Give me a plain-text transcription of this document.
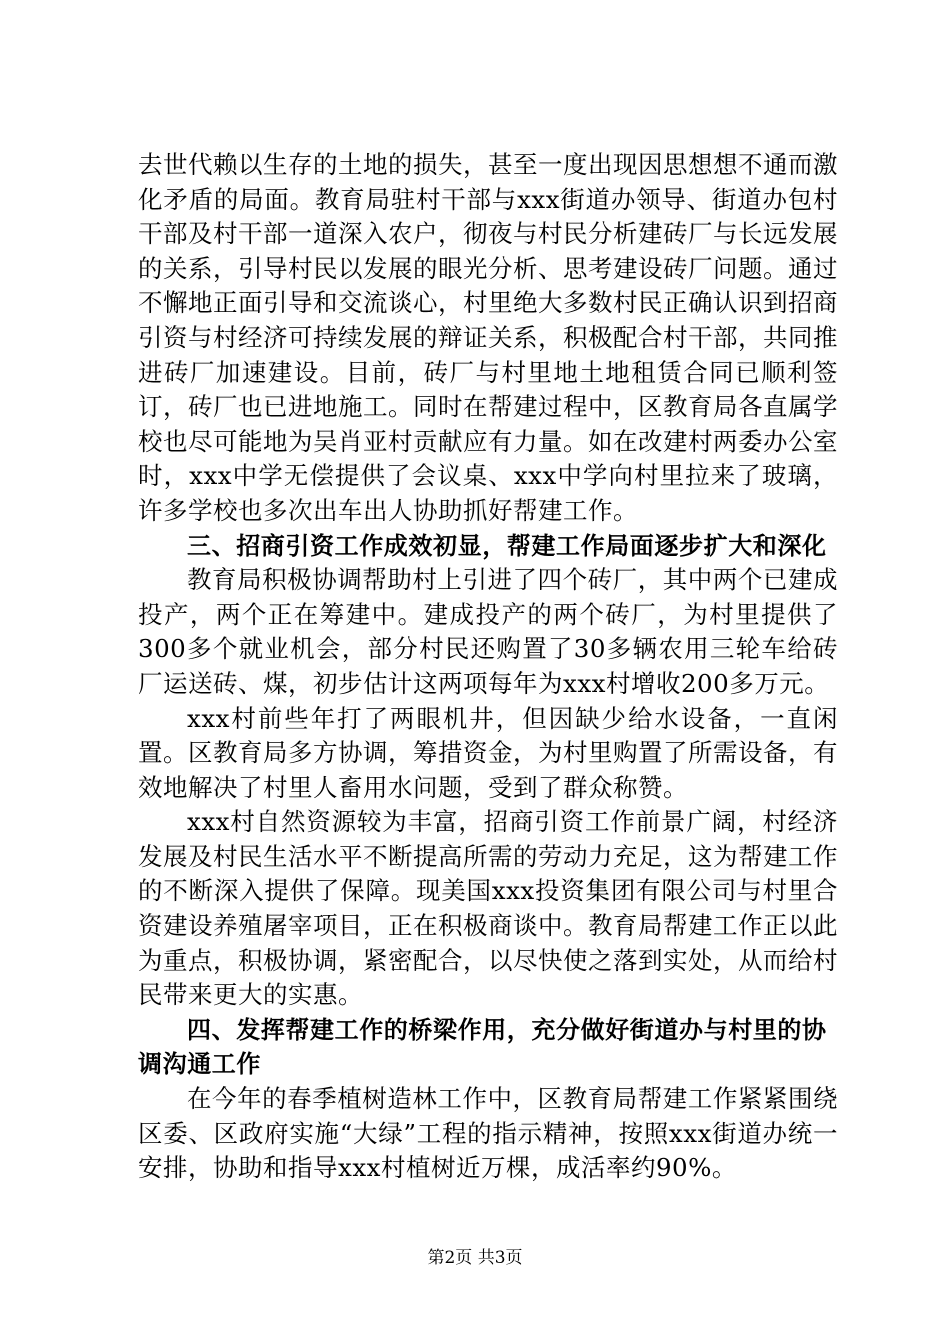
去世代赖以生存的土地的损失，甚至一度出现因思想想不通而激化矛盾的局面。教育局驻村干部与xxx街道办领导、街道办包村干部及村干部一道深入农户，彻夜与村民分析建砖厂与长远发展的关系，引导村民以发展的眼光分析、思考建设砖厂问题。通过不懈地正面引导和交流谈心，村里绝大多数村民正确认识到招商引资与村经济可持续发展的辩证关系，积极配合村干部，共同推进砖厂加速建设。目前，砖厂与村里地土地租赁合同已顺利签订，砖厂也已进地施工。同时在帮建过程中，区教育局各直属学校也尽可能地为吴肖亚村贡献应有力量。如在改建村两委办公室时，xxx中学无偿提供了会议桌、xxx中学向村里拉来了玻璃，许多学校也多次出车出人协助抓好帮建工作。

三、招商引资工作成效初显，帮建工作局面逐步扩大和深化

教育局积极协调帮助村上引进了四个砖厂，其中两个已建成投产，两个正在筹建中。建成投产的两个砖厂，为村里提供了300多个就业机会，部分村民还购置了30多辆农用三轮车给砖厂运送砖、煤，初步估计这两项每年为xxx村增收200多万元。

xxx村前些年打了两眼机井，但因缺少给水设备，一直闲置。区教育局多方协调，筹措资金，为村里购置了所需设备，有效地解决了村里人畜用水问题，受到了群众称赞。

xxx村自然资源较为丰富，招商引资工作前景广阔，村经济发展及村民生活水平不断提高所需的劳动力充足，这为帮建工作的不断深入提供了保障。现美国xxx投资集团有限公司与村里合资建设养殖屠宰项目，正在积极商谈中。教育局帮建工作正以此为重点，积极协调，紧密配合，以尽快使之落到实处，从而给村民带来更大的实惠。

四、发挥帮建工作的桥梁作用，充分做好街道办与村里的协调沟通工作

在今年的春季植树造林工作中，区教育局帮建工作紧紧围绕区委、区政府实施“大绿”工程的指示精神，按照xxx街道办统一安排，协助和指导xxx村植树近万棵，成活率约90%。

第2页 共3页
